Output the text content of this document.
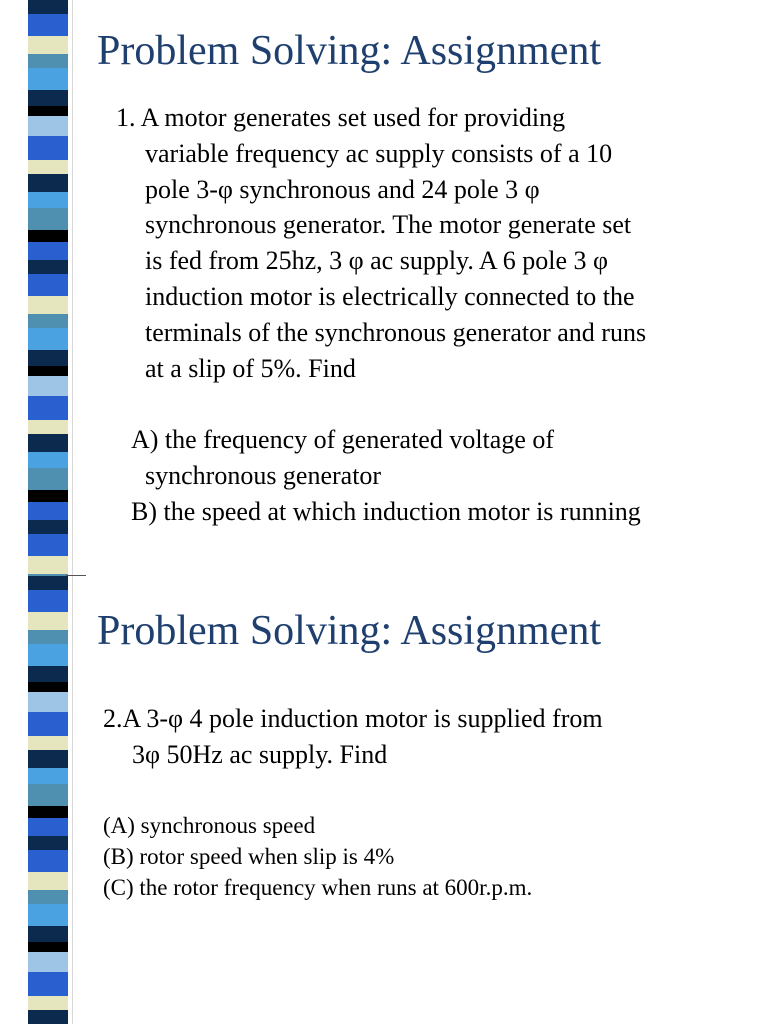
Problem Solving: Assignment

1. A motor generates set used for providing
variable frequency ac supply consists of a 10
pole 3-φ synchronous and 24 pole 3 φ
synchronous generator. The motor generate set
is fed from 25hz, 3 φ ac supply. A 6 pole 3 φ
induction motor is electrically connected to the
terminals of the synchronous generator and runs
at a slip of 5%. Find

A) the frequency of generated voltage of
synchronous generator
B) the speed at which induction motor is running

Problem Solving: Assignment

2.A 3-φ 4 pole induction motor is supplied from
3φ 50Hz ac supply. Find

(A) synchronous speed
(B) rotor speed when slip is 4%
(C) the rotor frequency when runs at 600r.p.m.
